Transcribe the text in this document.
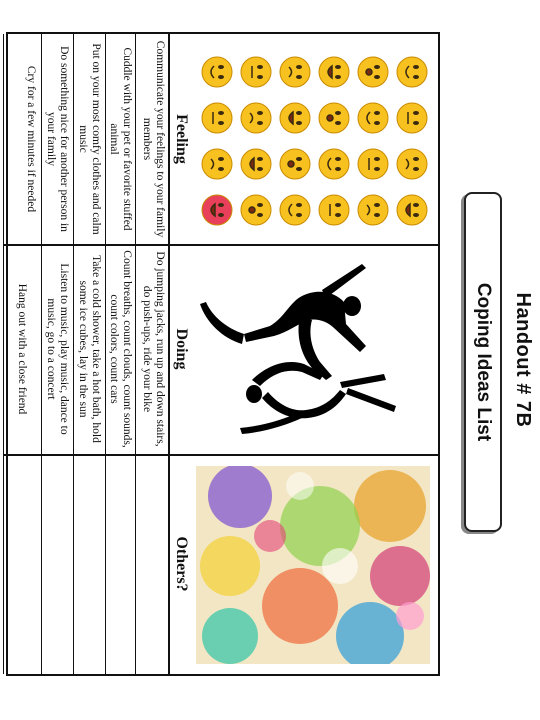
Handout # 7B
Coping Ideas List
Feeling
Doing
Others?
Communicate your feelings to your family members
Do jumping jacks, run up and down stairs, do push-ups, ride your bike
Cuddle with your pet or favorite stuffed animal
Count breaths, count clouds, count sounds, count colors, count cars
Put on your most comfy clothes and calm music
Take a cold shower, take a hot bath, hold some ice cubes, lay in the sun
Do something nice for another person in your family
Listen to music, play music, dance to music, go to a concert
Cry for a few minutes if needed
Hang out with a close friend
